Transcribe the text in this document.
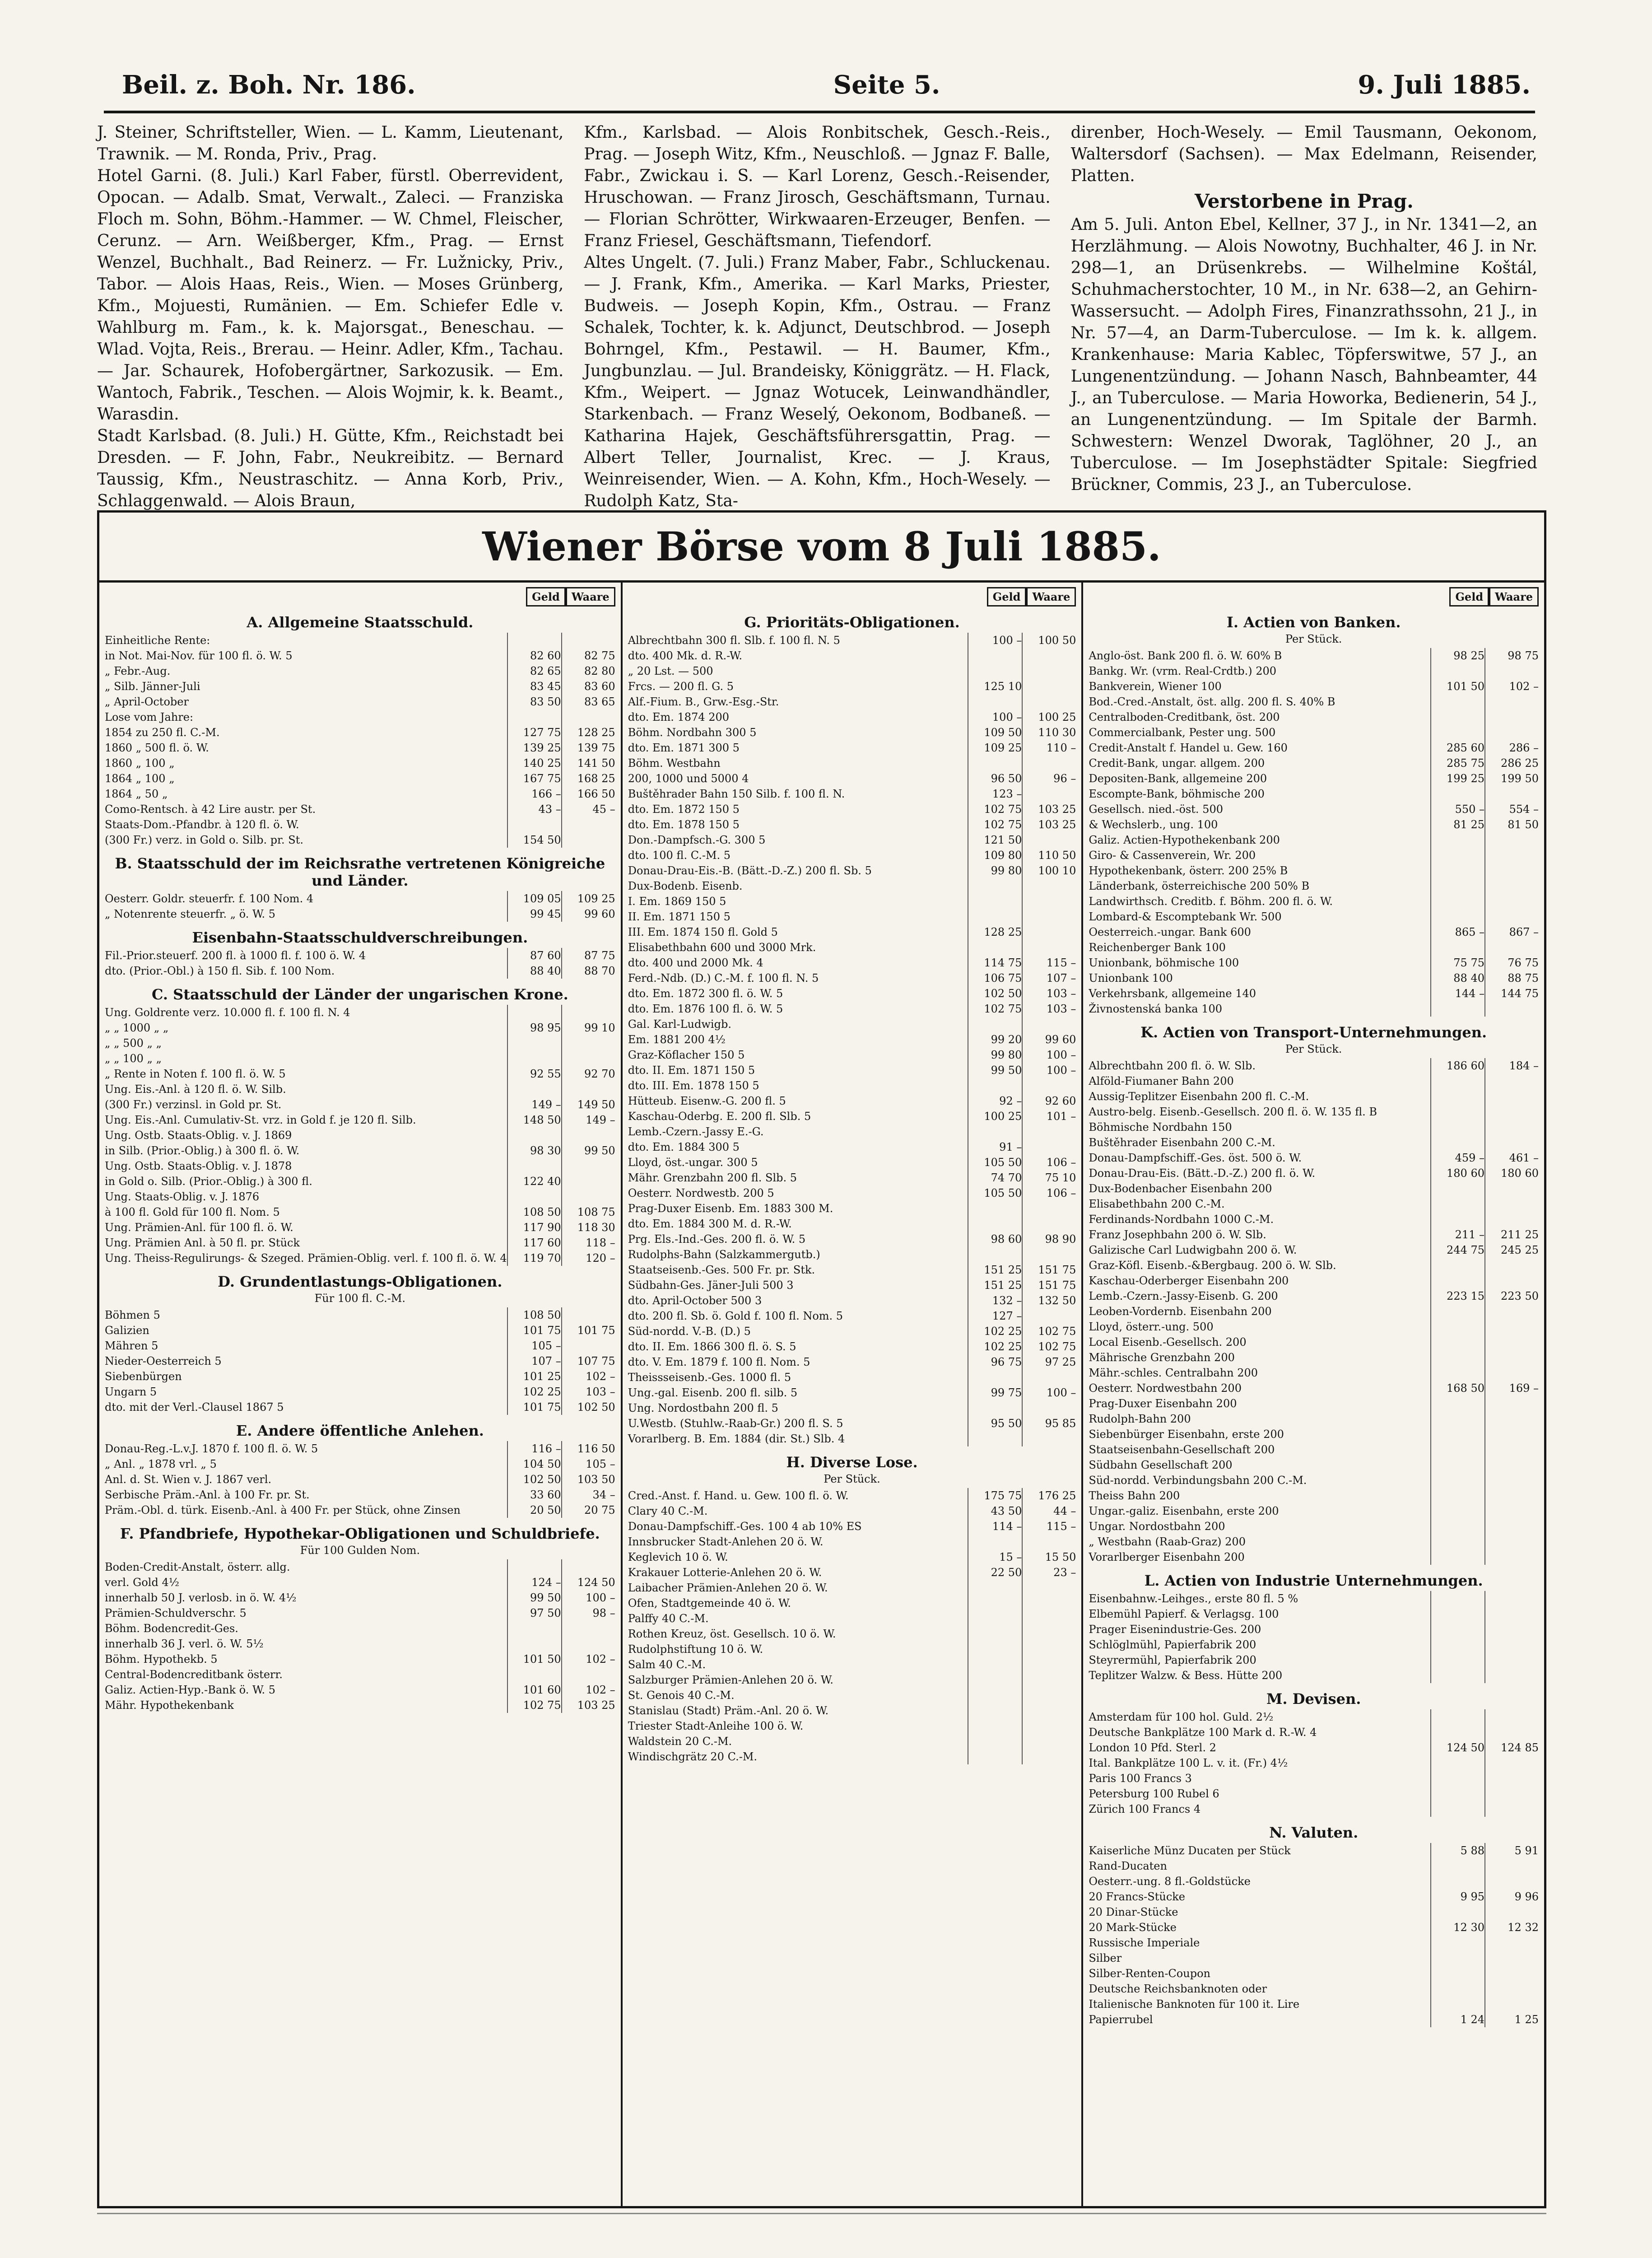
Beil. z. Boh. Nr. 186.	Seite 5.	9. Juli 1885.

J. Steiner, Schriftsteller, Wien. — L. Kamm, Lieutenant, Trawnik. — M. Ronda, Priv., Prag.

Hotel Garni. (8. Juli.) Karl Faber, fürstl. Oberrevident, Opocan. — Adalb. Smat, Verwalt., Zaleci. — Franziska Floch m. Sohn, Böhm.-Hammer. — W. Chmel, Fleischer, Cerunz. — Arn. Weißberger, Kfm., Prag. — Ernst Wenzel, Buchhalt., Bad Reinerz. — Fr. Lužnicky, Priv., Tabor. — Alois Haas, Reis., Wien. — Moses Grünberg, Kfm., Mojuesti, Rumänien. — Em. Schiefer Edle v. Wahlburg m. Fam., k. k. Majorsgat., Beneschau. — Wlad. Vojta, Reis., Brerau. — Heinr. Adler, Kfm., Tachau. — Jar. Schaurek, Hofobergärtner, Sarkozusik. — Em. Wantoch, Fabrik., Teschen. — Alois Wojmir, k. k. Beamt., Warasdin.

Stadt Karlsbad. (8. Juli.) H. Gütte, Kfm., Reichstadt bei Dresden. — F. John, Fabr., Neukreibitz. — Bernard Taussig, Kfm., Neustraschitz. — Anna Korb, Priv., Schlaggenwald. — Alois Braun,

Kfm., Karlsbad. — Alois Ronbitschek, Gesch.-Reis., Prag. — Joseph Witz, Kfm., Neuschloß. — Jgnaz F. Balle, Fabr., Zwickau i. S. — Karl Lorenz, Gesch.-Reisender, Hruschowan. — Franz Jirosch, Geschäftsmann, Turnau. — Florian Schrötter, Wirkwaaren-Erzeuger, Benfen. — Franz Friesel, Geschäftsmann, Tiefendorf.

Altes Ungelt. (7. Juli.) Franz Maber, Fabr., Schluckenau. — J. Frank, Kfm., Amerika. — Karl Marks, Priester, Budweis. — Joseph Kopin, Kfm., Ostrau. — Franz Schalek, Tochter, k. k. Adjunct, Deutschbrod. — Joseph Bohrngel, Kfm., Pestawil. — H. Baumer, Kfm., Jungbunzlau. — Jul. Brandeisky, Königgrätz. — H. Flack, Kfm., Weipert. — Jgnaz Wotucek, Leinwandhändler, Starkenbach. — Franz Weselý, Oekonom, Bodbaneß. — Katharina Hajek, Geschäftsführersgattin, Prag. — Albert Teller, Journalist, Krec. — J. Kraus, Weinreisender, Wien. — A. Kohn, Kfm., Hoch-Wesely. — Rudolph Katz, Sta-

direnber, Hoch-Wesely. — Emil Tausmann, Oekonom, Waltersdorf (Sachsen). — Max Edelmann, Reisender, Platten.

Verstorbene in Prag.

Am 5. Juli. Anton Ebel, Kellner, 37 J., in Nr. 1341—2, an Herzlähmung. — Alois Nowotny, Buchhalter, 46 J. in Nr. 298—1, an Drüsenkrebs. — Wilhelmine Koštál, Schuhmacherstochter, 10 M., in Nr. 638—2, an Gehirn-Wassersucht. — Adolph Fires, Finanzrathssohn, 21 J., in Nr. 57—4, an Darm-Tuberculose. — Im k. k. allgem. Krankenhause: Maria Kablec, Töpferswitwe, 57 J., an Lungenentzündung. — Johann Nasch, Bahnbeamter, 44 J., an Tuberculose. — Maria Howorka, Bedienerin, 54 J., an Lungenentzündung. — Im Spitale der Barmh. Schwestern: Wenzel Dworak, Taglöhner, 20 J., an Tuberculose. — Im Josephstädter Spitale: Siegfried Brückner, Commis, 23 J., an Tuberculose.

Wiener Börse vom 8 Juli 1885.
Geld	Waare
A. Allgemeine Staatsschuld.
Einheitliche Rente:
in Not. Mai-Nov. für 100 fl. ö. W. 5	82 60	82 75
„ Febr.-Aug.	82 65	82 80
„ Silb. Jänner-Juli	83 45	83 60
„ April-October	83 50	83 65
Lose vom Jahre:
1854 zu 250 fl. C.-M.	127 75	128 25
1860 „ 500 fl. ö. W.	139 25	139 75
1860 „ 100 „	140 25	141 50
1864 „ 100 „	167 75	168 25
1864 „ 50 „	166 –	166 50
Como-Rentsch. à 42 Lire austr. per St.	43 –	45 –
Staats-Dom.-Pfandbr. à 120 fl. ö. W.
(300 Fr.) verz. in Gold o. Silb. pr. St.	154 50
B. Staatsschuld der im Reichsrathe vertretenen Königreiche und Länder.
Oesterr. Goldr. steuerfr. f. 100 Nom. 4	109 05	109 25
„ Notenrente steuerfr. „ ö. W. 5	99 45	99 60
Eisenbahn-Staatsschuldverschreibungen.
Fil.-Prior.steuerf. 200 fl. à 1000 fl. f. 100 ö. W. 4	87 60	87 75
dto. (Prior.-Obl.) à 150 fl. Sib. f. 100 Nom.	88 40	88 70
C. Staatsschuld der Länder der ungarischen Krone.
Ung. Goldrente verz. 10.000 fl. f. 100 fl. N. 4
„ „ 1000 „ „	98 95	99 10
„ „ 500 „ „
„ „ 100 „ „
„ Rente in Noten f. 100 fl. ö. W. 5	92 55	92 70
Ung. Eis.-Anl. à 120 fl. ö. W. Silb.
(300 Fr.) verzinsl. in Gold pr. St.	149 –	149 50
Ung. Eis.-Anl. Cumulativ-St. vrz. in Gold f. je 120 fl. Silb.	148 50	149 –
Ung. Ostb. Staats-Oblig. v. J. 1869
in Silb. (Prior.-Oblig.) à 300 fl. ö. W.	98 30	99 50
Ung. Ostb. Staats-Oblig. v. J. 1878
in Gold o. Silb. (Prior.-Oblig.) à 300 fl.	122 40
Ung. Staats-Oblig. v. J. 1876
à 100 fl. Gold für 100 fl. Nom. 5	108 50	108 75
Ung. Prämien-Anl. für 100 fl. ö. W.	117 90	118 30
Ung. Prämien Anl. à 50 fl. pr. Stück	117 60	118 –
Ung. Theiss-Regulirungs- & Szeged. Prämien-Oblig. verl. f. 100 fl. ö. W. 4	119 70	120 –
D. Grundentlastungs-Obligationen.
Für 100 fl. C.-M.
Böhmen 5	108 50
Galizien	101 75	101 75
Mähren 5	105 –
Nieder-Oesterreich 5	107 –	107 75
Siebenbürgen	101 25	102 –
Ungarn 5	102 25	103 –
dto. mit der Verl.-Clausel 1867 5	101 75	102 50
E. Andere öffentliche Anlehen.
Donau-Reg.-L.v.J. 1870 f. 100 fl. ö. W. 5	116 –	116 50
„ Anl. „ 1878 vrl. „ 5	104 50	105 –
Anl. d. St. Wien v. J. 1867 verl.	102 50	103 50
Serbische Präm.-Anl. à 100 Fr. pr. St.	33 60	34 –
Präm.-Obl. d. türk. Eisenb.-Anl. à 400 Fr. per Stück, ohne Zinsen	20 50	20 75
F. Pfandbriefe, Hypothekar-Obligationen und Schuldbriefe.
Für 100 Gulden Nom.
Boden-Credit-Anstalt, österr. allg.
verl. Gold 4½	124 –	124 50
innerhalb 50 J. verlosb. in ö. W. 4½	99 50	100 –
Prämien-Schuldverschr. 5	97 50	98 –
Böhm. Bodencredit-Ges.
innerhalb 36 J. verl. ö. W. 5½
Böhm. Hypothekb. 5	101 50	102 –
Central-Bodencreditbank österr.
Galiz. Actien-Hyp.-Bank ö. W. 5	101 60	102 –
Mähr. Hypothekenbank	102 75	103 25
Geld	Waare
G. Prioritäts-Obligationen.
Albrechtbahn 300 fl. Slb. f. 100 fl. N. 5	100 –	100 50
dto. 400 Mk. d. R.-W.
„ 20 Lst. — 500
Frcs. — 200 fl. G. 5	125 10
Alf.-Fium. B., Grw.-Esg.-Str.
dto. Em. 1874 200	100 –	100 25
Böhm. Nordbahn 300 5	109 50	110 30
dto. Em. 1871 300 5	109 25	110 –
Böhm. Westbahn
200, 1000 und 5000 4	96 50	96 –
Buštěhrader Bahn 150 Silb. f. 100 fl. N.	123 –
dto. Em. 1872 150 5	102 75	103 25
dto. Em. 1878 150 5	102 75	103 25
Don.-Dampfsch.-G. 300 5	121 50
dto. 100 fl. C.-M. 5	109 80	110 50
Donau-Drau-Eis.-B. (Bätt.-D.-Z.) 200 fl. Sb. 5	99 80	100 10
Dux-Bodenb. Eisenb.
I. Em. 1869 150 5
II. Em. 1871 150 5
III. Em. 1874 150 fl. Gold 5	128 25
Elisabethbahn 600 und 3000 Mrk.
dto. 400 und 2000 Mk. 4	114 75	115 –
Ferd.-Ndb. (D.) C.-M. f. 100 fl. N. 5	106 75	107 –
dto. Em. 1872 300 fl. ö. W. 5	102 50	103 –
dto. Em. 1876 100 fl. ö. W. 5	102 75	103 –
Gal. Karl-Ludwigb.
Em. 1881 200 4½	99 20	99 60
Graz-Köflacher 150 5	99 80	100 –
dto. II. Em. 1871 150 5	99 50	100 –
dto. III. Em. 1878 150 5
Hütteub. Eisenw.-G. 200 fl. 5	92 –	92 60
Kaschau-Oderbg. E. 200 fl. Slb. 5	100 25	101 –
Lemb.-Czern.-Jassy E.-G.
dto. Em. 1884 300 5	91 –
Lloyd, öst.-ungar. 300 5	105 50	106 –
Mähr. Grenzbahn 200 fl. Slb. 5	74 70	75 10
Oesterr. Nordwestb. 200 5	105 50	106 –
Prag-Duxer Eisenb. Em. 1883 300 M.
dto. Em. 1884 300 M. d. R.-W.
Prg. Els.-Ind.-Ges. 200 fl. ö. W. 5	98 60	98 90
Rudolphs-Bahn (Salzkammergutb.)
Staatseisenb.-Ges. 500 Fr. pr. Stk.	151 25	151 75
Südbahn-Ges. Jäner-Juli 500 3	151 25	151 75
dto. April-October 500 3	132 –	132 50
dto. 200 fl. Sb. ö. Gold f. 100 fl. Nom. 5	127 –
Süd-nordd. V.-B. (D.) 5	102 25	102 75
dto. II. Em. 1866 300 fl. ö. S. 5	102 25	102 75
dto. V. Em. 1879 f. 100 fl. Nom. 5	96 75	97 25
Theissseisenb.-Ges. 1000 fl. 5
Ung.-gal. Eisenb. 200 fl. silb. 5	99 75	100 –
Ung. Nordostbahn 200 fl. 5
U.Westb. (Stuhlw.-Raab-Gr.) 200 fl. S. 5	95 50	95 85
Vorarlberg. B. Em. 1884 (dir. St.) Slb. 4
H. Diverse Lose.
Per Stück.
Cred.-Anst. f. Hand. u. Gew. 100 fl. ö. W.	175 75	176 25
Clary 40 C.-M.	43 50	44 –
Donau-Dampfschiff.-Ges. 100 4 ab 10% ES	114 –	115 –
Innsbrucker Stadt-Anlehen 20 ö. W.
Keglevich 10 ö. W.	15 –	15 50
Krakauer Lotterie-Anlehen 20 ö. W.	22 50	23 –
Laibacher Prämien-Anlehen 20 ö. W.
Ofen, Stadtgemeinde 40 ö. W.
Palffy 40 C.-M.
Rothen Kreuz, öst. Gesellsch. 10 ö. W.
Rudolphstiftung 10 ö. W.
Salm 40 C.-M.
Salzburger Prämien-Anlehen 20 ö. W.
St. Genois 40 C.-M.
Stanislau (Stadt) Präm.-Anl. 20 ö. W.
Triester Stadt-Anleihe 100 ö. W.
Waldstein 20 C.-M.
Windischgrätz 20 C.-M.
Geld	Waare
I. Actien von Banken.
Per Stück.
Anglo-öst. Bank 200 fl. ö. W. 60% B	98 25	98 75
Bankg. Wr. (vrm. Real-Crdtb.) 200
Bankverein, Wiener 100	101 50	102 –
Bod.-Cred.-Anstalt, öst. allg. 200 fl. S. 40% B
Centralboden-Creditbank, öst. 200
Commercialbank, Pester ung. 500
Credit-Anstalt f. Handel u. Gew. 160	285 60	286 –
Credit-Bank, ungar. allgem. 200	285 75	286 25
Depositen-Bank, allgemeine 200	199 25	199 50
Escompte-Bank, böhmische 200
Gesellsch. nied.-öst. 500	550 –	554 –
& Wechslerb., ung. 100	81 25	81 50
Galiz. Actien-Hypothekenbank 200
Giro- & Cassenverein, Wr. 200
Hypothekenbank, österr. 200 25% B
Länderbank, österreichische 200 50% B
Landwirthsch. Creditb. f. Böhm. 200 fl. ö. W.
Lombard-& Escomptebank Wr. 500
Oesterreich.-ungar. Bank 600	865 –	867 –
Reichenberger Bank 100
Unionbank, böhmische 100	75 75	76 75
Unionbank 100	88 40	88 75
Verkehrsbank, allgemeine 140	144 –	144 75
Živnostenská banka 100
K. Actien von Transport-Unternehmungen.
Per Stück.
Albrechtbahn 200 fl. ö. W. Slb.	186 60	184 –
Alföld-Fiumaner Bahn 200
Aussig-Teplitzer Eisenbahn 200 fl. C.-M.
Austro-belg. Eisenb.-Gesellsch. 200 fl. ö. W. 135 fl. B
Böhmische Nordbahn 150
Buštěhrader Eisenbahn 200 C.-M.
Donau-Dampfschiff.-Ges. öst. 500 ö. W.	459 –	461 –
Donau-Drau-Eis. (Bätt.-D.-Z.) 200 fl. ö. W.	180 60	180 60
Dux-Bodenbacher Eisenbahn 200
Elisabethbahn 200 C.-M.
Ferdinands-Nordbahn 1000 C.-M.
Franz Josephbahn 200 ö. W. Slb.	211 –	211 25
Galizische Carl Ludwigbahn 200 ö. W.	244 75	245 25
Graz-Köfl. Eisenb.-&Bergbaug. 200 ö. W. Slb.
Kaschau-Oderberger Eisenbahn 200
Lemb.-Czern.-Jassy-Eisenb. G. 200	223 15	223 50
Leoben-Vordernb. Eisenbahn 200
Lloyd, österr.-ung. 500
Local Eisenb.-Gesellsch. 200
Mährische Grenzbahn 200
Mähr.-schles. Centralbahn 200
Oesterr. Nordwestbahn 200	168 50	169 –
Prag-Duxer Eisenbahn 200
Rudolph-Bahn 200
Siebenbürger Eisenbahn, erste 200
Staatseisenbahn-Gesellschaft 200
Südbahn Gesellschaft 200
Süd-nordd. Verbindungsbahn 200 C.-M.
Theiss Bahn 200
Ungar.-galiz. Eisenbahn, erste 200
Ungar. Nordostbahn 200
„ Westbahn (Raab-Graz) 200
Vorarlberger Eisenbahn 200
L. Actien von Industrie Unternehmungen.
Eisenbahnw.-Leihges., erste 80 fl. 5 %
Elbemühl Papierf. & Verlagsg. 100
Prager Eisenindustrie-Ges. 200
Schlöglmühl, Papierfabrik 200
Steyrermühl, Papierfabrik 200
Teplitzer Walzw. & Bess. Hütte 200
M. Devisen.
Amsterdam für 100 hol. Guld. 2½
Deutsche Bankplätze 100 Mark d. R.-W. 4
London 10 Pfd. Sterl. 2	124 50	124 85
Ital. Bankplätze 100 L. v. it. (Fr.) 4½
Paris 100 Francs 3
Petersburg 100 Rubel 6
Zürich 100 Francs 4
N. Valuten.
Kaiserliche Münz Ducaten per Stück	5 88	5 91
Rand-Ducaten
Oesterr.-ung. 8 fl.-Goldstücke
20 Francs-Stücke	9 95	9 96
20 Dinar-Stücke
20 Mark-Stücke	12 30	12 32
Russische Imperiale
Silber
Silber-Renten-Coupon
Deutsche Reichsbanknoten oder
Italienische Banknoten für 100 it. Lire
Papierrubel	1 24	1 25
